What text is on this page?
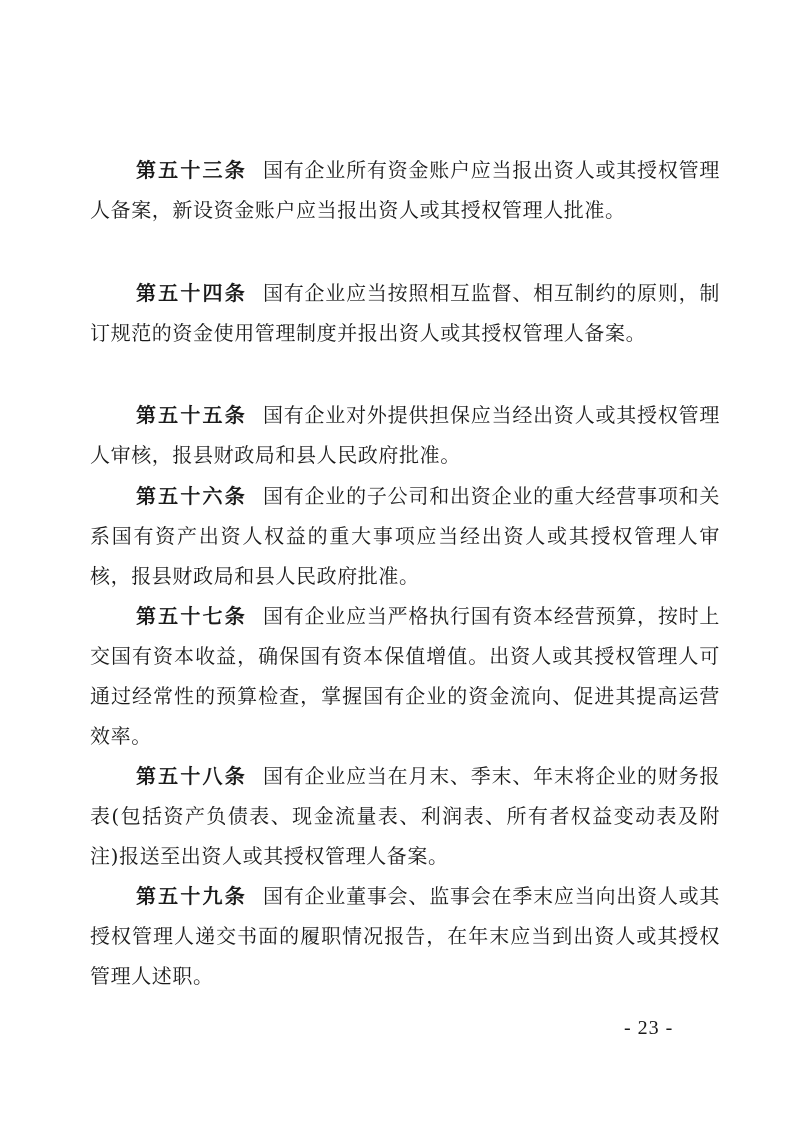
第五十三条 国有企业所有资金账户应当报出资人或其授权管理人备案，新设资金账户应当报出资人或其授权管理人批准。

第五十四条 国有企业应当按照相互监督、相互制约的原则，制订规范的资金使用管理制度并报出资人或其授权管理人备案。

第五十五条 国有企业对外提供担保应当经出资人或其授权管理人审核，报县财政局和县人民政府批准。

第五十六条 国有企业的子公司和出资企业的重大经营事项和关系国有资产出资人权益的重大事项应当经出资人或其授权管理人审核，报县财政局和县人民政府批准。

第五十七条 国有企业应当严格执行国有资本经营预算，按时上交国有资本收益，确保国有资本保值增值。出资人或其授权管理人可通过经常性的预算检查，掌握国有企业的资金流向、促进其提高运营效率。

第五十八条 国有企业应当在月末、季末、年末将企业的财务报表(包括资产负债表、现金流量表、利润表、所有者权益变动表及附注)报送至出资人或其授权管理人备案。

第五十九条 国有企业董事会、监事会在季末应当向出资人或其授权管理人递交书面的履职情况报告，在年末应当到出资人或其授权管理人述职。

- 23 -
